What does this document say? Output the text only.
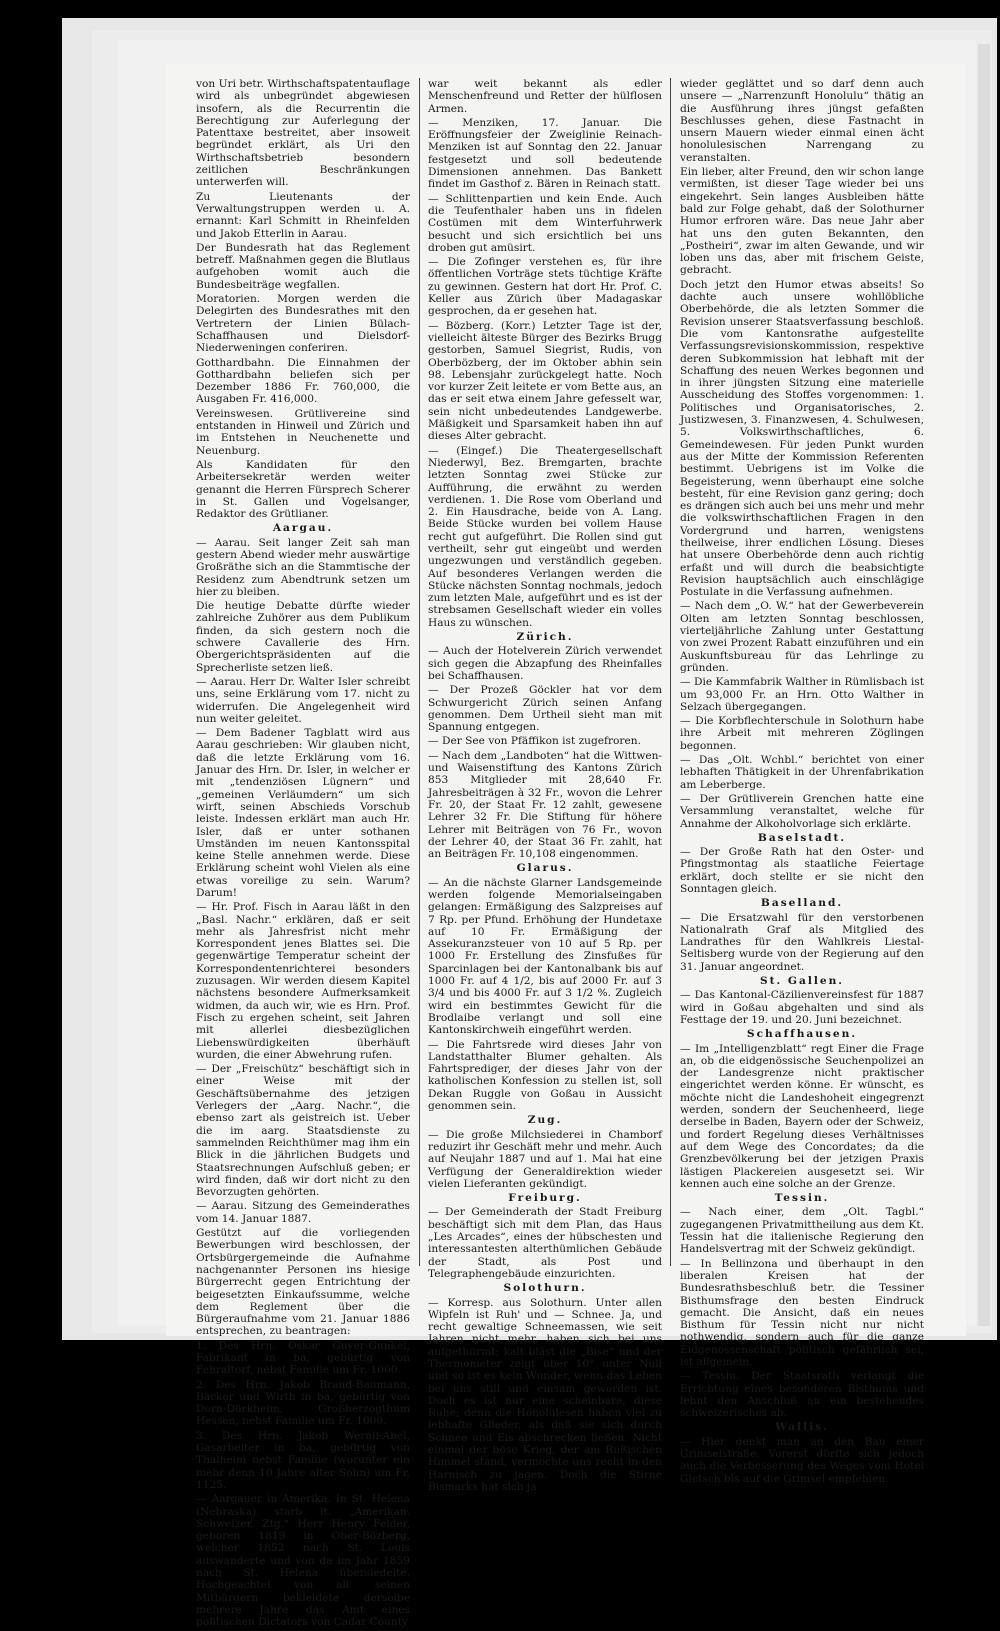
von Uri betr. Wirthschaftspatentauflage wird als unbegründet abgewiesen insofern, als die Recurrentin die Berechtigung zur Auferlegung der Patenttaxe bestreitet, aber insoweit begründet erklärt, als Uri den Wirthschaftsbetrieb besondern zeitlichen Beschränkungen unterwerfen will.

Zu Lieutenants der Verwaltungstruppen werden u. A. ernannt: Karl Schmitt in Rheinfelden und Jakob Etterlin in Aarau.

Der Bundesrath hat das Reglement betreff. Maßnahmen gegen die Blutlaus aufgehoben womit auch die Bundesbeiträge wegfallen.

Moratorien. Morgen werden die Delegirten des Bundesrathes mit den Vertretern der Linien Bülach-Schaffhausen und Dielsdorf-Niederweningen conferiren.

Gotthardbahn. Die Einnahmen der Gotthardbahn beliefen sich per Dezember 1886 Fr. 760,000, die Ausgaben Fr. 416,000.

Vereinswesen. Grütlivereine sind entstanden in Hinweil und Zürich und im Entstehen in Neuchenette und Neuenburg.

Als Kandidaten für den Arbeitersekretär werden weiter genannt die Herren Fürsprech Scherer in St. Gallen und Vogelsanger, Redaktor des Grütlianer.

Aargau.

— Aarau. Seit langer Zeit sah man gestern Abend wieder mehr auswärtige Großräthe sich an die Stammtische der Residenz zum Abendtrunk setzen um hier zu bleiben.

Die heutige Debatte dürfte wieder zahlreiche Zuhörer aus dem Publikum finden, da sich gestern noch die schwere Cavallerie des Hrn. Obergerichtspräsidenten auf die Sprecherliste setzen ließ.

— Aarau. Herr Dr. Walter Isler schreibt uns, seine Erklärung vom 17. nicht zu widerrufen. Die Angelegenheit wird nun weiter geleitet.

— Dem Badener Tagblatt wird aus Aarau geschrieben: Wir glauben nicht, daß die letzte Erklärung vom 16. Januar des Hrn. Dr. Isler, in welcher er mit „tendenziösen Lügnern“ und „gemeinen Verläumdern“ um sich wirft, seinen Abschieds Vorschub leiste. Indessen erklärt man auch Hr. Isler, daß er unter sothanen Umständen im neuen Kantonsspital keine Stelle annehmen werde. Diese Erklärung scheint wohl Vielen als eine etwas voreilige zu sein. Warum? Darum!

— Hr. Prof. Fisch in Aarau läßt in den „Basl. Nachr.“ erklären, daß er seit mehr als Jahresfrist nicht mehr Korrespondent jenes Blattes sei. Die gegenwärtige Temperatur scheint der Korrespondentenrichterei besonders zuzusagen. Wir werden diesem Kapitel nächstens besondere Aufmerksamkeit widmen, da auch wir, wie es Hrn. Prof. Fisch zu ergehen scheint, seit Jahren mit allerlei diesbezüglichen Liebenswürdigkeiten überhäuft wurden, die einer Abwehrung rufen.

— Der „Freischütz“ beschäftigt sich in einer Weise mit der Geschäftsübernahme des jetzigen Verlegers der „Aarg. Nachr.“, die ebenso zart als geistreich ist. Ueber die im aarg. Staatsdienste zu sammelnden Reichthümer mag ihm ein Blick in die jährlichen Budgets und Staatsrechnungen Aufschluß geben; er wird finden, daß wir dort nicht zu den Bevorzugten gehörten.

— Aarau. Sitzung des Gemeinderathes vom 14. Januar 1887.

Gestützt auf die vorliegenden Bewerbungen wird beschlossen, der Ortsbürgergemeinde die Aufnahme nachgenannter Personen ins hiesige Bürgerrecht gegen Entrichtung der beigesetzten Einkaufssumme, welche dem Reglement über die Bürgeraufnahme vom 21. Januar 1886 entsprechen, zu beantragen:

1. Des Hrn. Oskar Guyer-Gunkel, Fabrikant in ba, gebürtig von Fehraltorf, nebst Familie um Fr. 1000.

2. Des Hrn. Jakob Brand-Baumann, Bäcker und Wirth in ba, gebürtig von Dorn-Dürkheim, Großherzogthum Hessen, nebst Familie um Fr. 1000.

3. Des Hrn. Jakob Wernli-Abel, Gasarbeiter in ba, gebürtig von Thalheim nebst Familie (worunter ein mehr denn 10 Jahre alter Sohn) um Fr. 1125.

— Aargauer in Amerika. In St. Helena (Nebraska) starb lt. „Amerikan. Schweizer. Ztg.“ Herr Henry Felder, geboren 1819 in Ober-Bözberg, welcher 1852 nach St. Louis auswanderte und von da im Jahr 1859 nach St. Helena übersiedelte. Hochgeachtet von all' seinen Mitbürgern bekleidete derselbe mehrere Jahre das Amt eines politischen Dictators von Cadar County

war weit bekannt als edler Menschenfreund und Retter der hülflosen Armen.

— Menziken, 17. Januar. Die Eröffnungsfeier der Zweiglinie Reinach-Menziken ist auf Sonntag den 22. Januar festgesetzt und soll bedeutende Dimensionen annehmen. Das Bankett findet im Gasthof z. Bären in Reinach statt.

— Schlittenpartien und kein Ende. Auch die Teufenthaler haben uns in fidelen Costümen mit dem Winterfuhrwerk besucht und sich ersichtlich bei uns droben gut amüsirt.

— Die Zofinger verstehen es, für ihre öffentlichen Vorträge stets tüchtige Kräfte zu gewinnen. Gestern hat dort Hr. Prof. C. Keller aus Zürich über Madagaskar gesprochen, da er gesehen hat.

— Bözberg. (Korr.) Letzter Tage ist der, vielleicht älteste Bürger des Bezirks Brugg gestorben, Samuel Siegrist, Rudis, von Oberbözberg, der im Oktober abhin sein 98. Lebensjahr zurückgelegt hatte. Noch vor kurzer Zeit leitete er vom Bette aus, an das er seit etwa einem Jahre gefesselt war, sein nicht unbedeutendes Landgewerbe. Mäßigkeit und Sparsamkeit haben ihn auf dieses Alter gebracht.

— (Eingef.) Die Theatergesellschaft Niederwyl, Bez. Bremgarten, brachte letzten Sonntag zwei Stücke zur Aufführung, die erwähnt zu werden verdienen. 1. Die Rose vom Oberland und 2. Ein Hausdrache, beide von A. Lang. Beide Stücke wurden bei vollem Hause recht gut aufgeführt. Die Rollen sind gut vertheilt, sehr gut eingeübt und werden ungezwungen und verständlich gegeben. Auf besonderes Verlangen werden die Stücke nächsten Sonntag nochmals, jedoch zum letzten Male, aufgeführt und es ist der strebsamen Gesellschaft wieder ein volles Haus zu wünschen.

Zürich.

— Auch der Hotelverein Zürich verwendet sich gegen die Abzapfung des Rheinfalles bei Schaffhausen.

— Der Prozeß Göckler hat vor dem Schwurgericht Zürich seinen Anfang genommen. Dem Urtheil sieht man mit Spannung entgegen.

— Der See von Pfäffikon ist zugefroren.

— Nach dem „Landboten“ hat die Wittwen- und Waisenstiftung des Kantons Zürich 853 Mitglieder mit 28,640 Fr. Jahresbeiträgen à 32 Fr., wovon die Lehrer Fr. 20, der Staat Fr. 12 zahlt, gewesene Lehrer 32 Fr. Die Stiftung für höhere Lehrer mit Beiträgen von 76 Fr., wovon der Lehrer 40, der Staat 36 Fr. zahlt, hat an Beiträgen Fr. 10,108 eingenommen.

Glarus.

— An die nächste Glarner Landsgemeinde werden folgende Memorialseingaben gelangen: Ermäßigung des Salzpreises auf 7 Rp. per Pfund. Erhöhung der Hundetaxe auf 10 Fr. Ermäßigung der Assekuranzsteuer von 10 auf 5 Rp. per 1000 Fr. Erstellung des Zinsfußes für Sparcinlagen bei der Kantonalbank bis auf 1000 Fr. auf 4 1/2, bis auf 2000 Fr. auf 3 3/4 und bis 4000 Fr. auf 3 1/2 %. Zugleich wird ein bestimmtes Gewicht für die Brodlaibe verlangt und soll eine Kantonskirchweih eingeführt werden.

— Die Fahrtsrede wird dieses Jahr von Landstatthalter Blumer gehalten. Als Fahrtsprediger, der dieses Jahr von der katholischen Konfession zu stellen ist, soll Dekan Ruggle von Goßau in Aussicht genommen sein.

Zug.

— Die große Milchsiederei in Chamborf reduzirt ihr Geschäft mehr und mehr. Auch auf Neujahr 1887 und auf 1. Mai hat eine Verfügung der Generaldirektion wieder vielen Lieferanten gekündigt.

Freiburg.

— Der Gemeinderath der Stadt Freiburg beschäftigt sich mit dem Plan, das Haus „Les Arcades“, eines der hübschesten und interessantesten alterthümlichen Gebäude der Stadt, als Post und Telegraphengebäude einzurichten.

Solothurn.

— Korresp. aus Solothurn. Unter allen Wipfeln ist Ruh' und — Schnee. Ja, und recht gewaltige Schneemassen, wie seit Jahren nicht mehr, haben sich bei uns aufgethürmt; kalt bläst die „Bise“ und der Thermometer zeigt über 10° unter Null und so ist es kein Wunder, wenn das Leben bei uns still und einsam geworden ist. Doch es ist nur eine scheinbare, diese Ruhe; denn die Honolulesen haben viel zu lebhafte Glieder, als daß sie sich durch Schnee und Eis abschrecken ließen. Nicht einmal der böse Krieg, der am Rußischen Himmel stand, vermochte uns recht in den Harnisch zu jagen. Doch die Stirne Bismarks hat sich ja

wieder geglättet und so darf denn auch unsere — „Narrenzunft Honolulu“ thätig an die Ausführung ihres jüngst gefaßten Beschlusses gehen, diese Fastnacht in unsern Mauern wieder einmal einen ächt honolulesischen Narrengang zu veranstalten.

Ein lieber, alter Freund, den wir schon lange vermißten, ist dieser Tage wieder bei uns eingekehrt. Sein langes Ausbleiben hätte bald zur Folge gehabt, daß der Solothurner Humor erfroren wäre. Das neue Jahr aber hat uns den guten Bekannten, den „Postheiri“, zwar im alten Gewande, und wir loben uns das, aber mit frischem Geiste, gebracht.

Doch jetzt den Humor etwas abseits! So dachte auch unsere wohllöbliche Oberbehörde, die als letzten Sommer die Revision unserer Staatsverfassung beschloß. Die vom Kantonsrathe aufgestellte Verfassungsrevisionskommission, respektive deren Subkommission hat lebhaft mit der Schaffung des neuen Werkes begonnen und in ihrer jüngsten Sitzung eine materielle Ausscheidung des Stoffes vorgenommen: 1. Politisches und Organisatorisches, 2. Justizwesen, 3. Finanzwesen, 4. Schulwesen, 5. Volkswirthschaftliches, 6. Gemeindewesen. Für jeden Punkt wurden aus der Mitte der Kommission Referenten bestimmt. Uebrigens ist im Volke die Begeisterung, wenn überhaupt eine solche besteht, für eine Revision ganz gering; doch es drängen sich auch bei uns mehr und mehr die volkswirthschaftlichen Fragen in den Vordergrund und harren, wenigstens theilweise, ihrer endlichen Lösung. Dieses hat unsere Oberbehörde denn auch richtig erfaßt und will durch die beabsichtigte Revision hauptsächlich auch einschlägige Postulate in die Verfassung aufnehmen.

— Nach dem „O. W.“ hat der Gewerbeverein Olten am letzten Sonntag beschlossen, vierteljährliche Zahlung unter Gestattung von zwei Prozent Rabatt einzuführen und ein Auskunftsbureau für das Lehrlinge zu gründen.

— Die Kammfabrik Walther in Rümlisbach ist um 93,000 Fr. an Hrn. Otto Walther in Selzach übergegangen.

— Die Korbflechterschule in Solothurn habe ihre Arbeit mit mehreren Zöglingen begonnen.

— Das „Olt. Wchbl.“ berichtet von einer lebhaften Thätigkeit in der Uhrenfabrikation am Leberberge.

— Der Grütliverein Grenchen hatte eine Versammlung veranstaltet, welche für Annahme der Alkoholvorlage sich erklärte.

Baselstadt.

— Der Große Rath hat den Oster- und Pfingstmontag als staatliche Feiertage erklärt, doch stellte er sie nicht den Sonntagen gleich.

Baselland.

— Die Ersatzwahl für den verstorbenen Nationalrath Graf als Mitglied des Landrathes für den Wahlkreis Liestal-Seltisberg wurde von der Regierung auf den 31. Januar angeordnet.

St. Gallen.

— Das Kantonal-Cäzilienvereinsfest für 1887 wird in Goßau abgehalten und sind als Festtage der 19. und 20. Juni bezeichnet.

Schaffhausen.

— Im „Intelligenzblatt“ regt Einer die Frage an, ob die eidgenössische Seuchenpolizei an der Landesgrenze nicht praktischer eingerichtet werden könne. Er wünscht, es möchte nicht die Landeshoheit eingegrenzt werden, sondern der Seuchenheerd, liege derselbe in Baden, Bayern oder der Schweiz, und fordert Regelung dieses Verhältnisses auf dem Wege des Concordates; da die Grenzbevölkerung bei der jetzigen Praxis lästigen Plackereien ausgesetzt sei. Wir kennen auch eine solche an der Grenze.

Tessin.

— Nach einer, dem „Olt. Tagbl.“ zugegangenen Privatmittheilung aus dem Kt. Tessin hat die italienische Regierung den Handelsvertrag mit der Schweiz gekündigt.

— In Bellinzona und überhaupt in den liberalen Kreisen hat der Bundesrathsbeschluß betr. die Tessiner Bisthumsfrage den besten Eindruck gemacht. Die Ansicht, daß ein neues Bisthum für Tessin nicht nur nicht nothwendig, sondern auch für die ganze Eidgenossenschaft politisch gefährlich sei, ist allgemein.

— Tessin. Der Staatsrath verlangt die Errichtung eines besonderen Bisthums und lehnt den Anschluß an ein bestehendes schweizerisches ab.

Wallis.

— Hier denkt man an den Bau einer Grimselstraße. Vorerst dürfte sich jedoch auch die Verbesserung des Weges vom Hotel Gletsch bis auf die Grimsel empfehlen.
